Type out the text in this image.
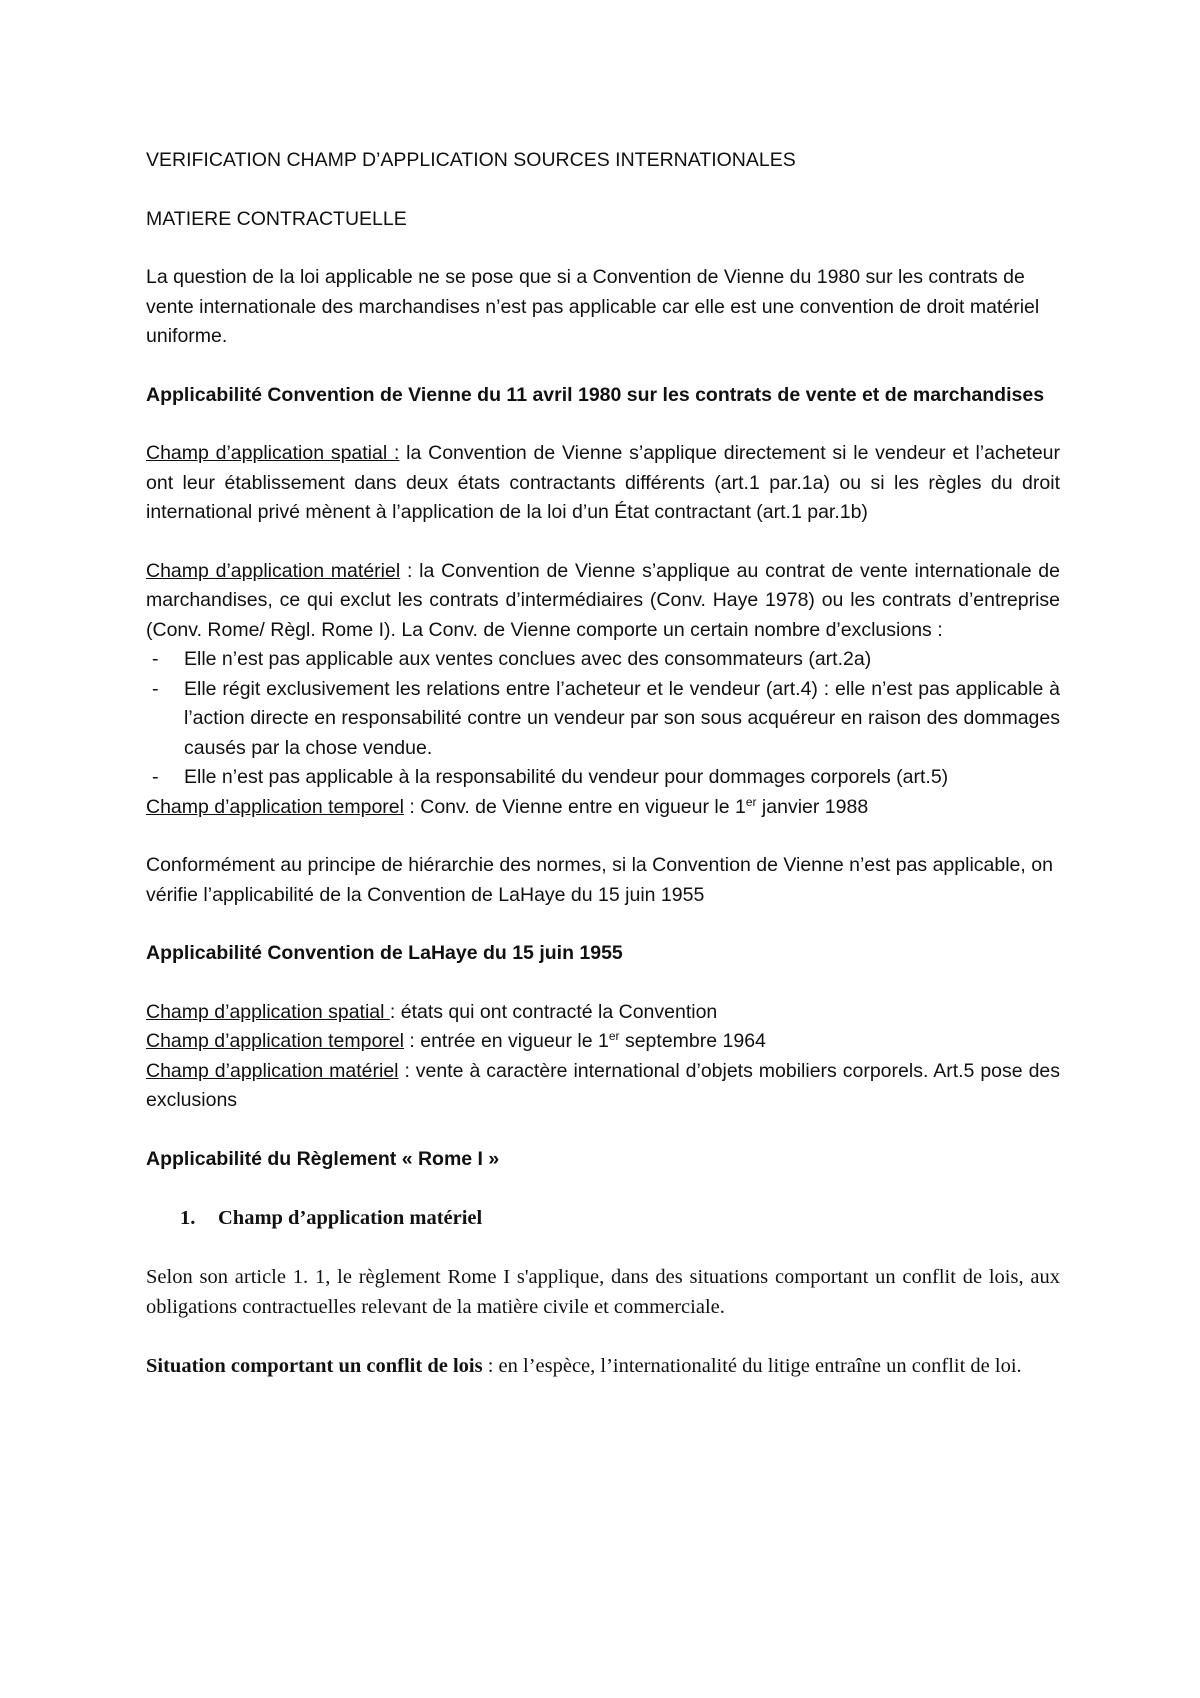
VERIFICATION CHAMP D’APPLICATION SOURCES INTERNATIONALES

MATIERE CONTRACTUELLE

La question de la loi applicable ne se pose que si a Convention de Vienne du 1980 sur les contrats de vente internationale des marchandises n’est pas applicable car elle est une convention de droit matériel uniforme.

Applicabilité Convention de Vienne du 11 avril 1980 sur les contrats de vente et de marchandises

Champ d’application spatial : la Convention de Vienne s’applique directement si le vendeur et l’acheteur ont leur établissement dans deux états contractants différents (art.1 par.1a) ou si les règles du droit international privé mènent à l’application de la loi d’un État contractant (art.1 par.1b)

Champ d’application matériel : la Convention de Vienne s’applique au contrat de vente internationale de marchandises, ce qui exclut les contrats d’intermédiaires (Conv. Haye 1978) ou les contrats d’entreprise (Conv. Rome/ Règl. Rome I). La Conv. de Vienne comporte un certain nombre d’exclusions :

- Elle n’est pas applicable aux ventes conclues avec des consommateurs (art.2a)
- Elle régit exclusivement les relations entre l’acheteur et le vendeur (art.4) : elle n’est pas applicable à l’action directe en responsabilité contre un vendeur par son sous acquéreur en raison des dommages causés par la chose vendue.
- Elle n’est pas applicable à la responsabilité du vendeur pour dommages corporels (art.5)

Champ d’application temporel : Conv. de Vienne entre en vigueur le 1er janvier 1988

Conformément au principe de hiérarchie des normes, si la Convention de Vienne n’est pas applicable, on vérifie l’applicabilité de la Convention de LaHaye du 15 juin 1955

Applicabilité Convention de LaHaye du 15 juin 1955

Champ d’application spatial : états qui ont contracté la Convention

Champ d’application temporel : entrée en vigueur le 1er septembre 1964

Champ d’application matériel : vente à caractère international d’objets mobiliers corporels. Art.5 pose des exclusions

Applicabilité du Règlement « Rome I »

1.	Champ d’application matériel

Selon son article 1. 1, le règlement Rome I s'applique, dans des situations comportant un conflit de lois, aux obligations contractuelles relevant de la matière civile et commerciale.

Situation comportant un conflit de lois : en l’espèce, l’internationalité du litige entraîne un conflit de loi.
